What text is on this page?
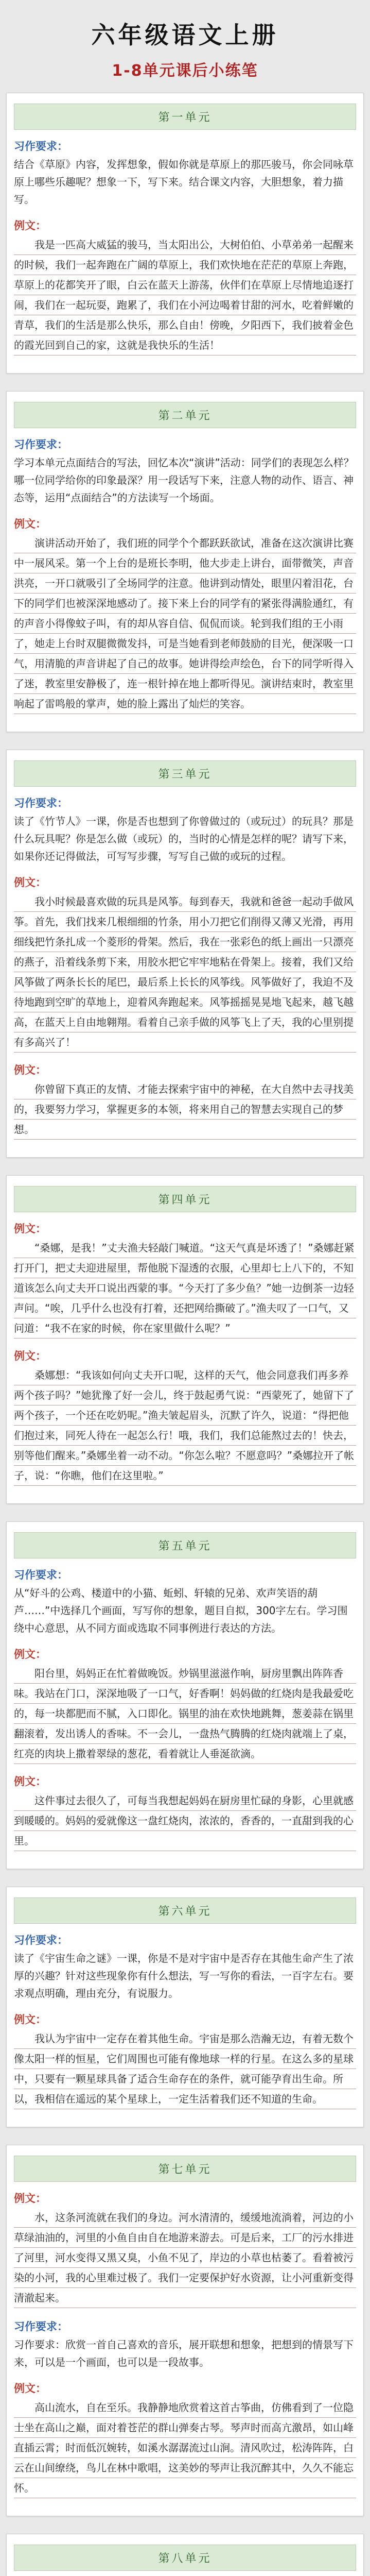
六年级语文上册
1-8单元课后小练笔
第一单元
习作要求：

结合《草原》内容，发挥想象，假如你就是草原上的那匹骏马，你会同咏草原上哪些乐趣呢？想象一下，写下来。结合课文内容，大胆想象，着力描写。

例文：

我是一匹高大威猛的骏马，当太阳出公，大树伯伯、小草弟弟一起醒来的时候，我们一起奔跑在广阔的草原上，我们欢快地在茫茫的草原上奔跑，草原上的花都笑开了眼，白云在蓝天上游荡，伙伴们在草原上尽情地追逐打闹，我们在一起玩耍，跑累了，我们在小河边喝着甘甜的河水，吃着鲜嫩的青草，我们的生活是那么快乐，那么自由！傍晚，夕阳西下，我们披着金色的霞光回到自己的家，这就是我快乐的生活！

第二单元
习作要求：

学习本单元点面结合的写法，回忆本次“演讲”活动：同学们的表现怎么样？哪一位同学给你的印象最深？用一段话写下来，注意人物的动作、语言、神态等，运用“点面结合”的方法读写一个场面。

例文：

演讲活动开始了，我们班的同学个个都跃跃欲试，准备在这次演讲比赛中一展风采。第一个上台的是班长李明，他大步走上讲台，面带微笑，声音洪亮，一开口就吸引了全场同学的注意。他讲到动情处，眼里闪着泪花，台下的同学们也被深深地感动了。接下来上台的同学有的紧张得满脸通红，有的声音小得像蚊子叫，有的却从容自信、侃侃而谈。轮到我们组的王小雨了，她走上台时双腿微微发抖，可是当她看到老师鼓励的目光，便深吸一口气，用清脆的声音讲起了自己的故事。她讲得绘声绘色，台下的同学听得入了迷，教室里安静极了，连一根针掉在地上都听得见。演讲结束时，教室里响起了雷鸣般的掌声，她的脸上露出了灿烂的笑容。

第三单元
习作要求：

读了《竹节人》一课，你是否也想到了你曾做过的（或玩过）的玩具？那是什么玩具呢？你是怎么做（或玩）的，当时的心情是怎样的呢？请写下来，如果你还记得做法，可写写步骤，写写自己做的或玩的过程。

例文：

我小时候最喜欢做的玩具是风筝。每到春天，我就和爸爸一起动手做风筝。首先，我们找来几根细细的竹条，用小刀把它们削得又薄又光滑，再用细线把竹条扎成一个菱形的骨架。然后，我在一张彩色的纸上画出一只漂亮的燕子，沿着线条剪下来，用胶水把它牢牢地粘在骨架上。接着，我们又给风筝做了两条长长的尾巴，最后系上长长的风筝线。风筝做好了，我迫不及待地跑到空旷的草地上，迎着风奔跑起来。风筝摇摇晃晃地飞起来，越飞越高，在蓝天上自由地翱翔。看着自己亲手做的风筝飞上了天，我的心里别提有多高兴了！

例文：

你曾留下真正的友情、才能去探索宇宙中的神秘，在大自然中去寻找美的，我要努力学习，掌握更多的本领，将来用自己的智慧去实现自己的梦想。

第四单元
例文：

“桑娜，是我！”丈夫渔夫轻敲门喊道。“这天气真是坏透了！”桑娜赶紧打开门，把丈夫迎进屋里，帮他脱下湿透的衣服，心里却七上八下的，不知道该怎么向丈夫开口说出西蒙的事。“今天打了多少鱼？”她一边倒茶一边轻声问。“唉，几乎什么也没有打着，还把网给撕破了。”渔夫叹了一口气，又问道：“我不在家的时候，你在家里做什么呢？”

例文：

桑娜想：“我该如何向丈夫开口呢，这样的天气，他会同意我们再多养两个孩子吗？”她犹豫了好一会儿，终于鼓起勇气说：“西蒙死了，她留下了两个孩子，一个还在吃奶呢。”渔夫皱起眉头，沉默了许久，说道：“得把他们抱过来，同死人待在一起怎么行！哦，我们，我们总能熬过去的！快去，别等他们醒来。”桑娜坐着一动不动。“你怎么啦？不愿意吗？”桑娜拉开了帐子，说：“你瞧，他们在这里啦。”

第五单元
习作要求：

从“好斗的公鸡、楼道中的小猫、蚯蚓、轩辕的兄弟、欢声笑语的葫芦……”中选择几个画面，写写你的想象，题目自拟，300字左右。学习围绕中心意思，从不同方面或选取不同事例进行表达的方法。

例文：

阳台里，妈妈正在忙着做晚饭。炒锅里滋滋作响，厨房里飘出阵阵香味。我站在门口，深深地吸了一口气，好香啊！妈妈做的红烧肉是我最爱吃的，每一块都肥而不腻，入口即化。锅里的油在欢快地跳舞，葱姜蒜在锅里翻滚着，发出诱人的香味。不一会儿，一盘热气腾腾的红烧肉就端上了桌，红亮的肉块上撒着翠绿的葱花，看着就让人垂涎欲滴。

例文：

这件事过去很久了，可每当我想起妈妈在厨房里忙碌的身影，心里就感到暖暖的。妈妈的爱就像这一盘红烧肉，浓浓的，香香的，一直甜到我的心里。

第六单元
习作要求：

读了《宇宙生命之谜》一课，你是不是对宇宙中是否存在其他生命产生了浓厚的兴趣？针对这些现象你有什么想法，写一写你的看法，一百字左右。要求观点明确，理由充分，有说服力。

例文：

我认为宇宙中一定存在着其他生命。宇宙是那么浩瀚无边，有着无数个像太阳一样的恒星，它们周围也可能有像地球一样的行星。在这么多的星球中，只要有一颗星球具备了适合生命存在的条件，就可能孕育出生命。所以，我相信在遥远的某个星球上，一定生活着我们还不知道的生命。

第七单元
例文：

水，这条河流就在我们的身边。河水清清的，缓缓地流淌着，河边的小草绿油油的，河里的小鱼自由自在地游来游去。可是后来，工厂的污水排进了河里，河水变得又黑又臭，小鱼不见了，岸边的小草也枯萎了。看着被污染的小河，我的心里难过极了。我们一定要保护好水资源，让小河重新变得清澈起来。

习作要求：

习作要求：欣赏一首自己喜欢的音乐，展开联想和想象，把想到的情景写下来，可以是一个画面，也可以是一段故事。

例文：

高山流水，自在至乐。我静静地欣赏着这首古筝曲，仿佛看到了一位隐士坐在高山之巅，面对着苍茫的群山弹奏古琴。琴声时而高亢激昂，如山峰直插云霄；时而低沉婉转，如溪水潺潺流过山涧。清风吹过，松涛阵阵，白云在山间缭绕，鸟儿在林中歌唱，这美妙的琴声让我沉醉其中，久久不能忘怀。

第八单元
